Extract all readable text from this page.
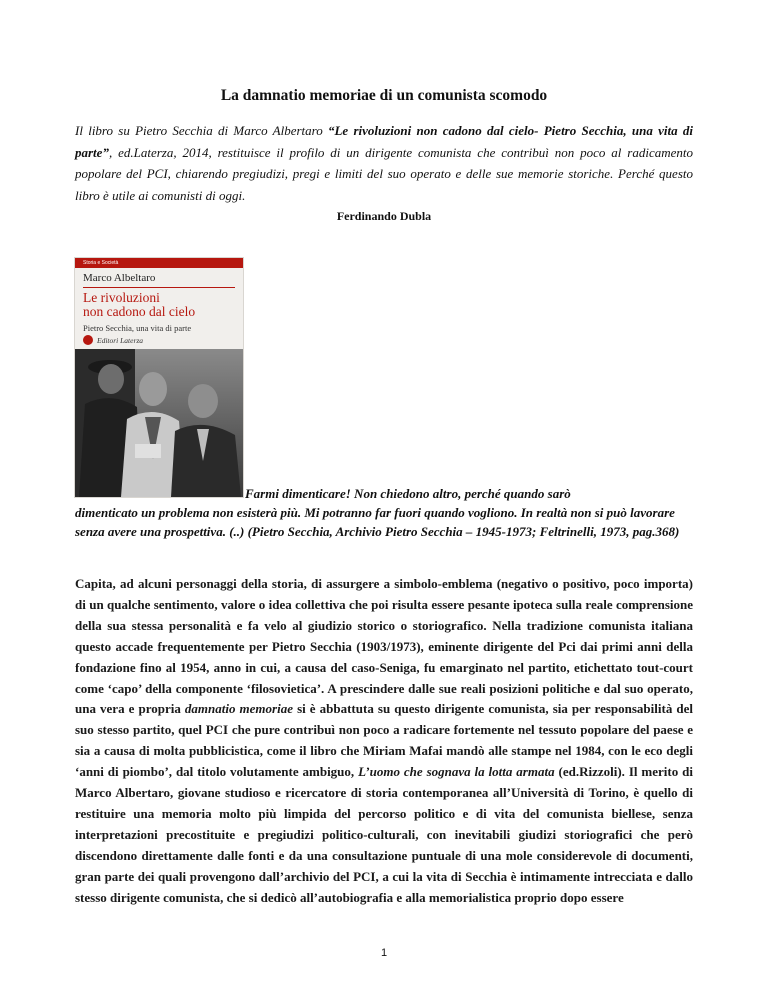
La damnatio memoriae di un comunista scomodo
Il libro su Pietro Secchia di Marco Albertaro “Le rivoluzioni non cadono dal cielo- Pietro Secchia, una vita di parte”, ed.Laterza, 2014, restituisce il profilo di un dirigente comunista che contribuì non poco al radicamento popolare del PCI, chiarendo pregiudizi, pregi e limiti del suo operato e delle sue memorie storiche. Perché questo libro è utile ai comunisti di oggi.
Ferdinando Dubla
Storia e Società
Marco Albeltaro
Le rivoluzioni
non cadono dal cielo
Pietro Secchia, una vita di parte
Editori Laterza
Farmi dimenticare! Non chiedono altro, perché quando sarò
dimenticato un problema non esisterà più. Mi potranno far fuori quando vogliono. In realtà non si può lavorare senza avere una prospettiva. (..) (Pietro Secchia, Archivio Pietro Secchia – 1945-1973; Feltrinelli, 1973, pag.368)
Capita, ad alcuni personaggi della storia, di assurgere a simbolo-emblema (negativo o positivo, poco importa) di un qualche sentimento, valore o idea collettiva che poi risulta essere pesante ipoteca sulla reale comprensione della sua stessa personalità e fa velo al giudizio storico o storiografico. Nella tradizione comunista italiana questo accade frequentemente per Pietro Secchia (1903/1973), eminente dirigente del Pci dai primi anni della fondazione fino al 1954, anno in cui, a causa del caso-Seniga, fu emarginato nel partito, etichettato tout-court come ‘capo’ della componente ‘filosovietica’. A prescindere dalle sue reali posizioni politiche e dal suo operato, una vera e propria damnatio memoriae si è abbattuta su questo dirigente comunista, sia per responsabilità del suo stesso partito, quel PCI che pure contribuì non poco a radicare fortemente nel tessuto popolare del paese e sia a causa di molta pubblicistica, come il libro che Miriam Mafai mandò alle stampe nel 1984, con le eco degli ‘anni di piombo’, dal titolo volutamente ambiguo, L’uomo che sognava la lotta armata (ed.Rizzoli). Il merito di Marco Albertaro, giovane studioso e ricercatore di storia contemporanea all’Università di Torino, è quello di restituire una memoria molto più limpida del percorso politico e di vita del comunista biellese, senza interpretazioni precostituite e pregiudizi politico-culturali, con inevitabili giudizi storiografici che però discendono direttamente dalle fonti e da una consultazione puntuale di una mole considerevole di documenti, gran parte dei quali provengono dall’archivio del PCI, a cui la vita di Secchia è intimamente intrecciata e dallo stesso dirigente comunista, che si dedicò all’autobiografia e alla memorialistica proprio dopo essere
1
